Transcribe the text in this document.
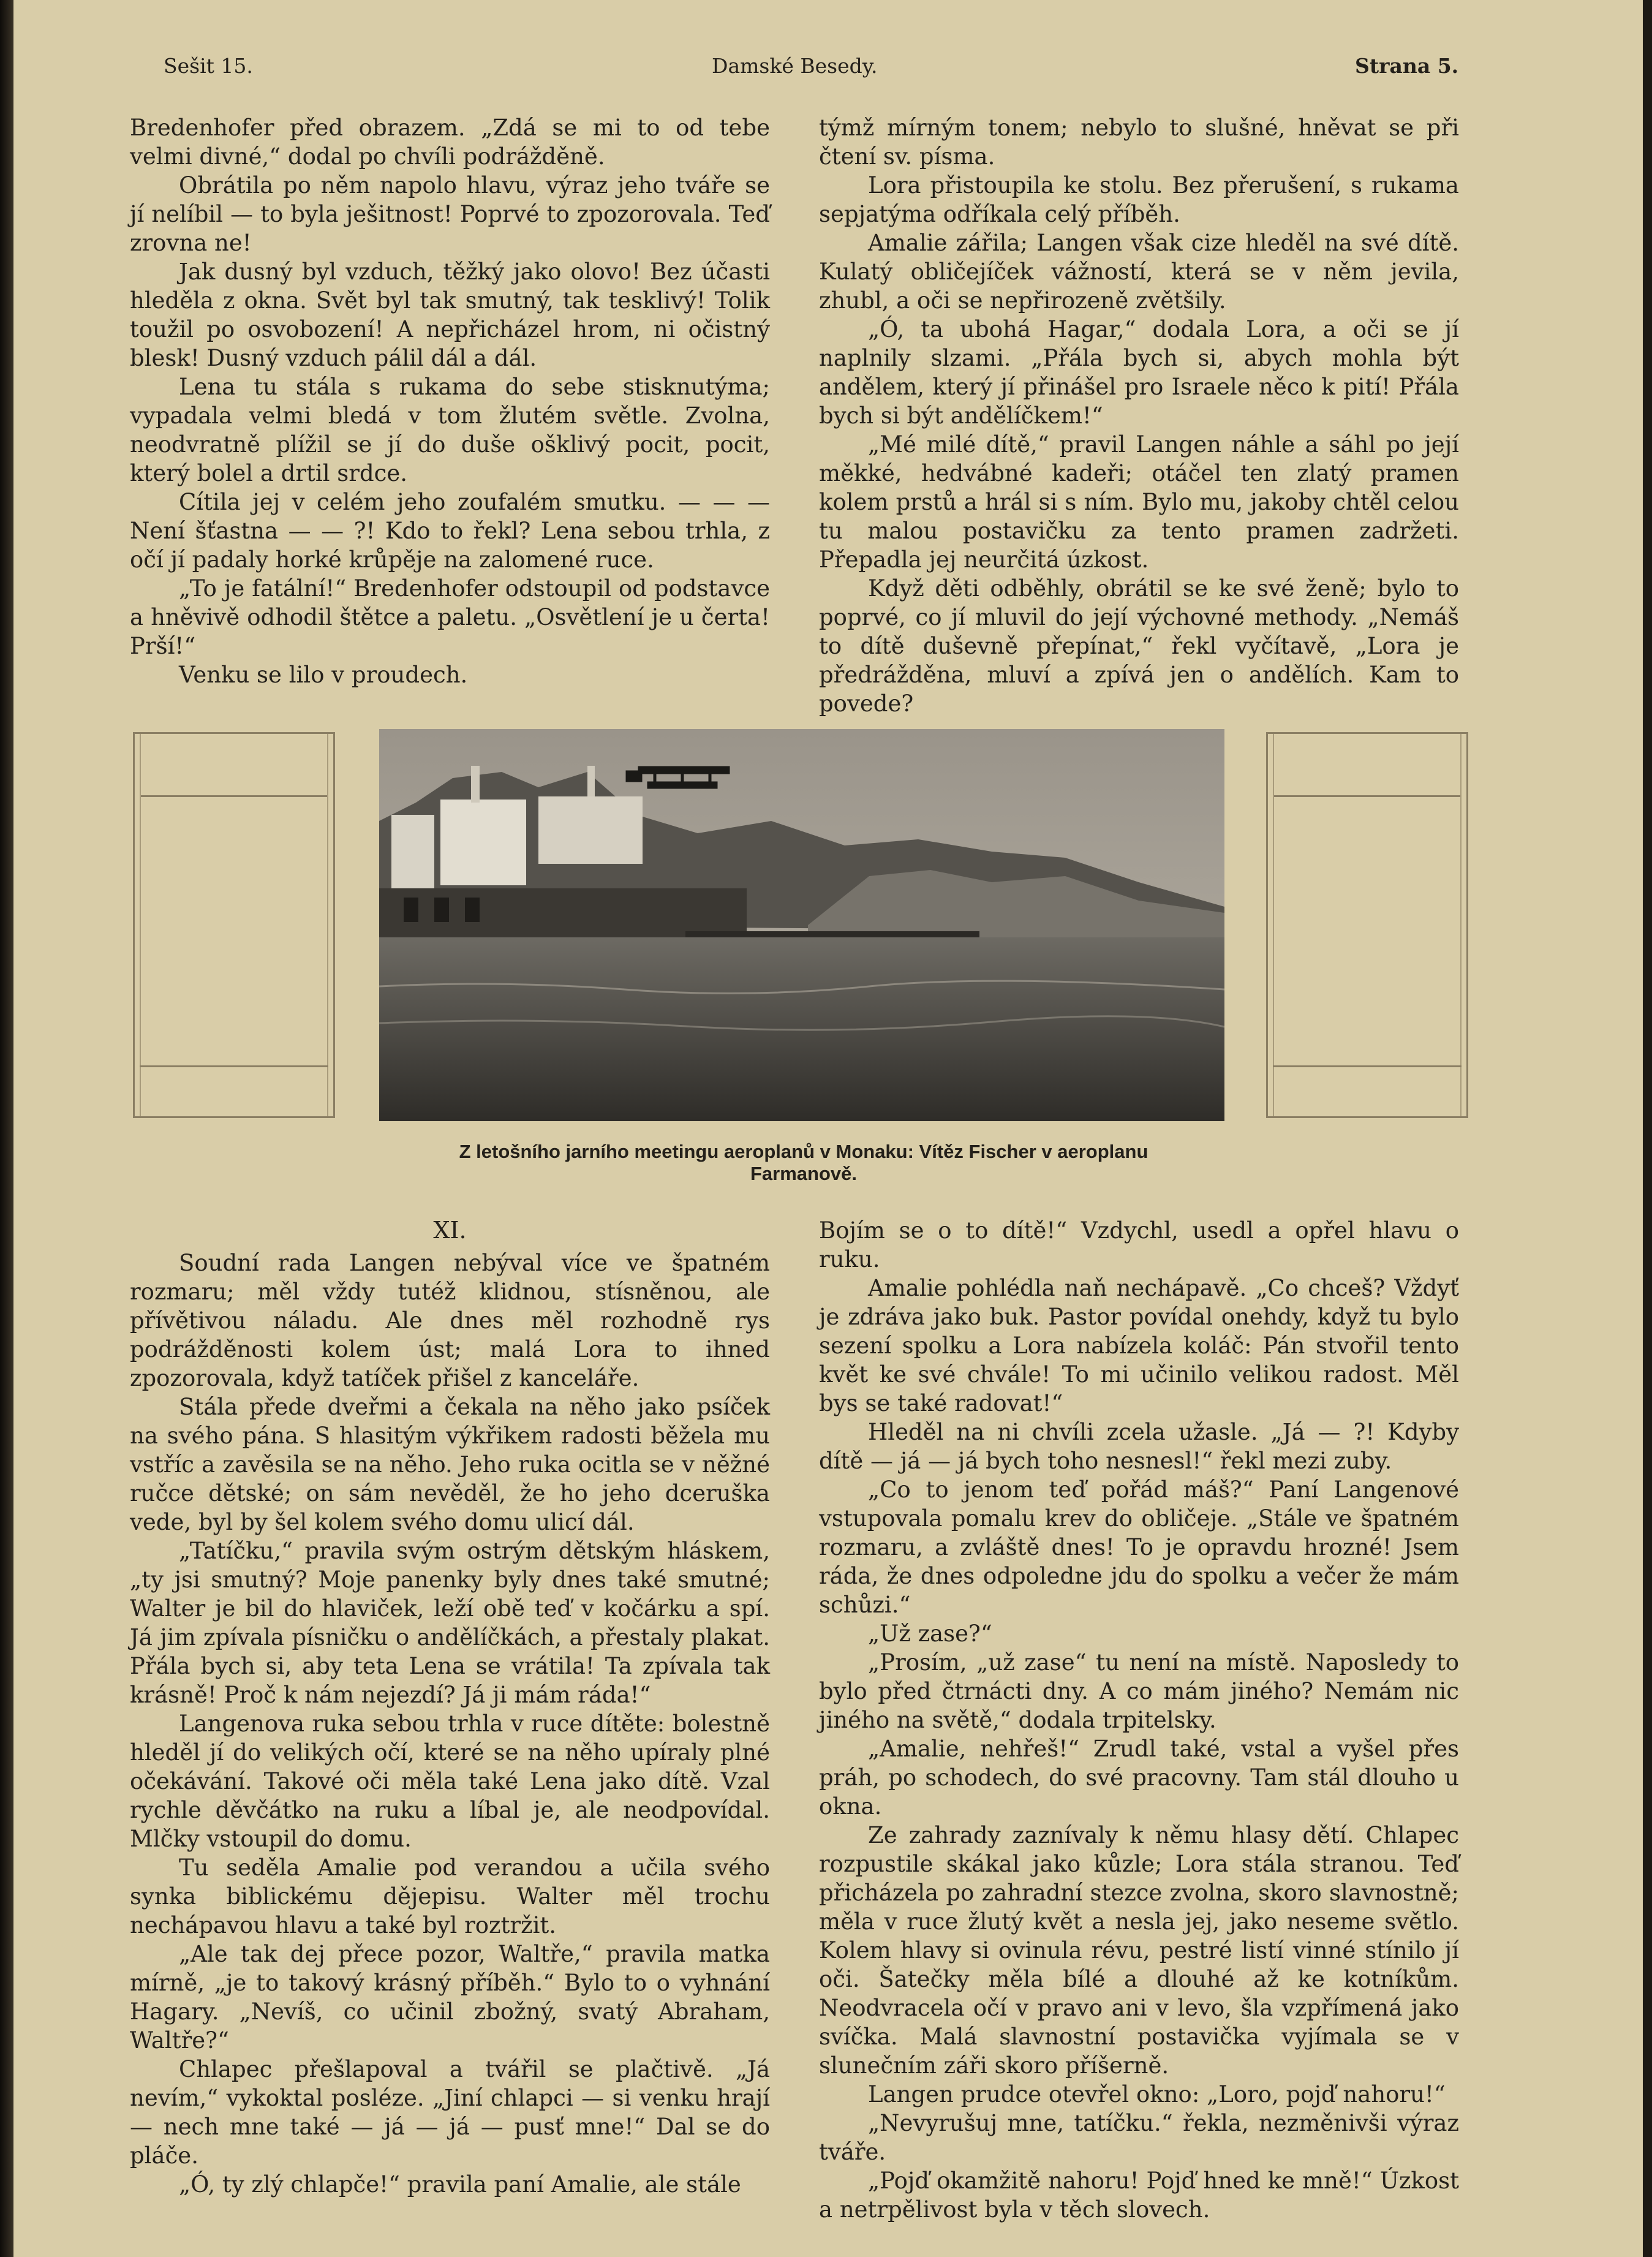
Sešit 15.	Damské Besedy.	Strana 5.

Bredenhofer před obrazem. „Zdá se mi to od tebe velmi divné,“ dodal po chvíli podrážděně.

Obrátila po něm napolo hlavu, výraz jeho tváře se jí nelíbil — to byla ješitnost! Poprvé to zpozorovala. Teď zrovna ne!

Jak dusný byl vzduch, těžký jako olovo! Bez účasti hleděla z okna. Svět byl tak smutný, tak tesklivý! Tolik toužil po osvobození! A nepřicházel hrom, ni očistný blesk! Dusný vzduch pálil dál a dál.

Lena tu stála s rukama do sebe stisknutýma; vypadala velmi bledá v tom žlutém světle. Zvolna, neodvratně plížil se jí do duše ošklivý pocit, pocit, který bolel a drtil srdce.

Cítila jej v celém jeho zoufalém smutku. — — — Není šťastna — — ?! Kdo to řekl? Lena sebou trhla, z očí jí padaly horké krůpěje na zalomené ruce.

„To je fatální!“ Bredenhofer odstoupil od podstavce a hněvivě odhodil štětce a paletu. „Osvětlení je u čerta! Prší!“

Venku se lilo v proudech.

týmž mírným tonem; nebylo to slušné, hněvat se při čtení sv. písma.

Lora přistoupila ke stolu. Bez přerušení, s rukama sepjatýma odříkala celý příběh.

Amalie zářila; Langen však cize hleděl na své dítě. Kulatý obličejíček vážností, která se v něm jevila, zhubl, a oči se nepřirozeně zvětšily.

„Ó, ta ubohá Hagar,“ dodala Lora, a oči se jí naplnily slzami. „Přála bych si, abych mohla být andělem, který jí přinášel pro Israele něco k pití! Přála bych si být andělíčkem!“

„Mé milé dítě,“ pravil Langen náhle a sáhl po její měkké, hedvábné kadeři; otáčel ten zlatý pramen kolem prstů a hrál si s ním. Bylo mu, jakoby chtěl celou tu malou postavičku za tento pramen zadržeti. Přepadla jej neurčitá úzkost.

Když děti odběhly, obrátil se ke své ženě; bylo to poprvé, co jí mluvil do její výchovné methody. „Nemáš to dítě duševně přepínat,“ řekl vyčítavě, „Lora je předrážděna, mluví a zpívá jen o andělích. Kam to povede?

Z letošního jarního meetingu aeroplanů v Monaku: Vítěz Fischer v aeroplanu Farmanově.
XI.

Soudní rada Langen nebýval více ve špatném rozmaru; měl vždy tutéž klidnou, stísněnou, ale přívětivou náladu. Ale dnes měl rozhodně rys podrážděnosti kolem úst; malá Lora to ihned zpozorovala, když tatíček přišel z kanceláře.

Stála přede dveřmi a čekala na něho jako psíček na svého pána. S hlasitým výkřikem radosti běžela mu vstříc a zavěsila se na něho. Jeho ruka ocitla se v něžné ručce dětské; on sám nevěděl, že ho jeho dceruška vede, byl by šel kolem svého domu ulicí dál.

„Tatíčku,“ pravila svým ostrým dětským hláskem, „ty jsi smutný? Moje panenky byly dnes také smutné; Walter je bil do hlaviček, leží obě teď v kočárku a spí. Já jim zpívala písničku o andělíčkách, a přestaly plakat. Přála bych si, aby teta Lena se vrátila! Ta zpívala tak krásně! Proč k nám nejezdí? Já ji mám ráda!“

Langenova ruka sebou trhla v ruce dítěte: bolestně hleděl jí do velikých očí, které se na něho upíraly plné očekávání. Takové oči měla také Lena jako dítě. Vzal rychle děvčátko na ruku a líbal je, ale neodpovídal. Mlčky vstoupil do domu.

Tu seděla Amalie pod verandou a učila svého synka biblickému dějepisu. Walter měl trochu nechápavou hlavu a také byl roztržit.

„Ale tak dej přece pozor, Waltře,“ pravila matka mírně, „je to takový krásný příběh.“ Bylo to o vyhnání Hagary. „Nevíš, co učinil zbožný, svatý Abraham, Waltře?“

Chlapec přešlapoval a tvářil se plačtivě. „Já nevím,“ vykoktal posléze. „Jiní chlapci — si venku hrají — nech mne také — já — já — pusť mne!“ Dal se do pláče.

„Ó, ty zlý chlapče!“ pravila paní Amalie, ale stále

Bojím se o to dítě!“ Vzdychl, usedl a opřel hlavu o ruku.

Amalie pohlédla naň nechápavě. „Co chceš? Vždyť je zdráva jako buk. Pastor povídal onehdy, když tu bylo sezení spolku a Lora nabízela koláč: Pán stvořil tento květ ke své chvále! To mi učinilo velikou radost. Měl bys se také radovat!“

Hleděl na ni chvíli zcela užasle. „Já — ?! Kdyby dítě — já — já bych toho nesnesl!“ řekl mezi zuby.

„Co to jenom teď pořád máš?“ Paní Langenové vstupovala pomalu krev do obličeje. „Stále ve špatném rozmaru, a zvláště dnes! To je opravdu hrozné! Jsem ráda, že dnes odpoledne jdu do spolku a večer že mám schůzi.“

„Už zase?“

„Prosím, „už zase“ tu není na místě. Naposledy to bylo před čtrnácti dny. A co mám jiného? Nemám nic jiného na světě,“ dodala trpitelsky.

„Amalie, nehřeš!“ Zrudl také, vstal a vyšel přes práh, po schodech, do své pracovny. Tam stál dlouho u okna.

Ze zahrady zaznívaly k němu hlasy dětí. Chlapec rozpustile skákal jako kůzle; Lora stála stranou. Teď přicházela po zahradní stezce zvolna, skoro slavnostně; měla v ruce žlutý květ a nesla jej, jako neseme světlo. Kolem hlavy si ovinula révu, pestré listí vinné stínilo jí oči. Šatečky měla bílé a dlouhé až ke kotníkům. Neodvracela očí v pravo ani v levo, šla vzpřímená jako svíčka. Malá slavnostní postavička vyjímala se v slunečním záři skoro příšerně.

Langen prudce otevřel okno: „Loro, pojď nahoru!“

„Nevyrušuj mne, tatíčku.“ řekla, nezměnivši výraz tváře.

„Pojď okamžitě nahoru! Pojď hned ke mně!“ Úzkost a netrpělivost byla v těch slovech.
